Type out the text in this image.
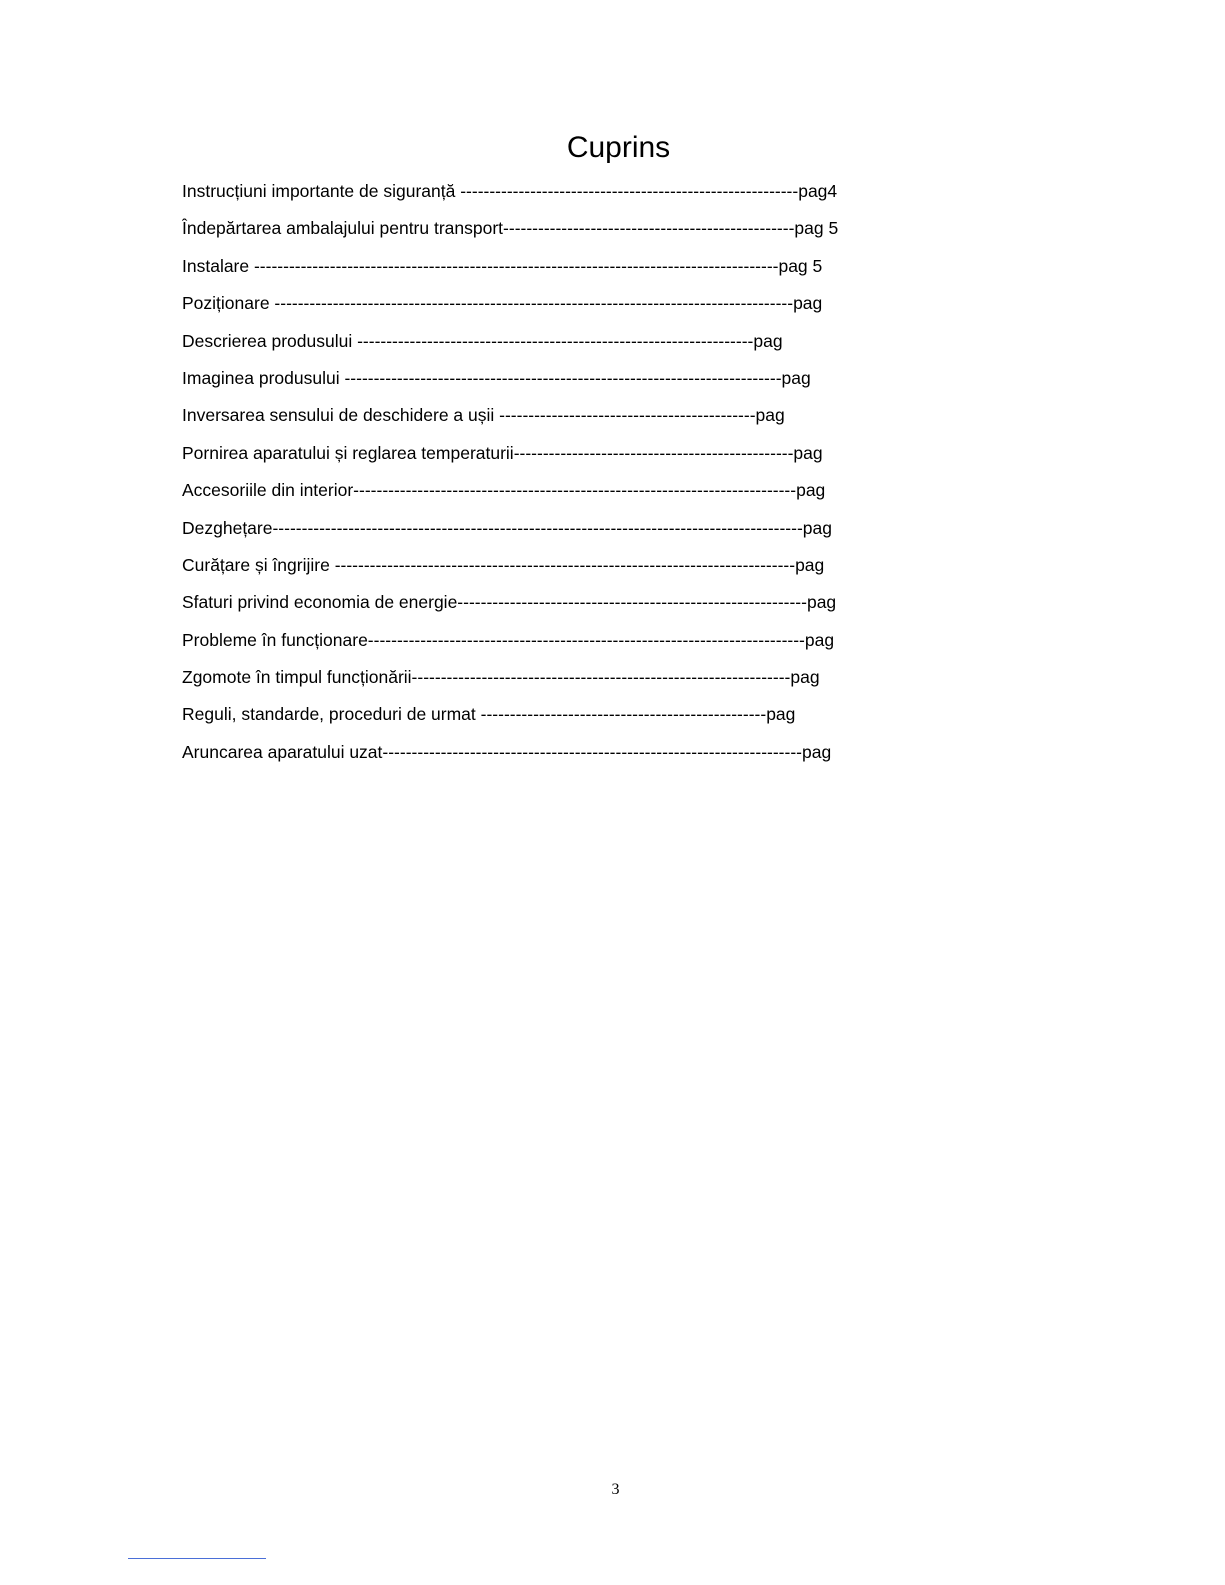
Cuprins
Instrucțiuni importante de siguranță ----------------------------------------------------------pag4
Îndepărtarea ambalajului pentru transport--------------------------------------------------pag 5
Instalare ------------------------------------------------------------------------------------------pag 5
Poziționare -----------------------------------------------------------------------------------------pag
Descrierea produsului --------------------------------------------------------------------pag
Imaginea produsului ---------------------------------------------------------------------------pag
Inversarea sensului de deschidere a ușii --------------------------------------------pag
Pornirea aparatului și reglarea temperaturii------------------------------------------------pag
Accesoriile din interior----------------------------------------------------------------------------pag
Dezghețare-------------------------------------------------------------------------------------------pag
Curățare și îngrijire -------------------------------------------------------------------------------pag
Sfaturi privind economia de energie------------------------------------------------------------pag
Probleme în funcționare---------------------------------------------------------------------------pag
Zgomote în timpul funcționării-----------------------------------------------------------------pag
Reguli, standarde, proceduri de urmat -------------------------------------------------pag
Aruncarea aparatului uzat------------------------------------------------------------------------pag
3
